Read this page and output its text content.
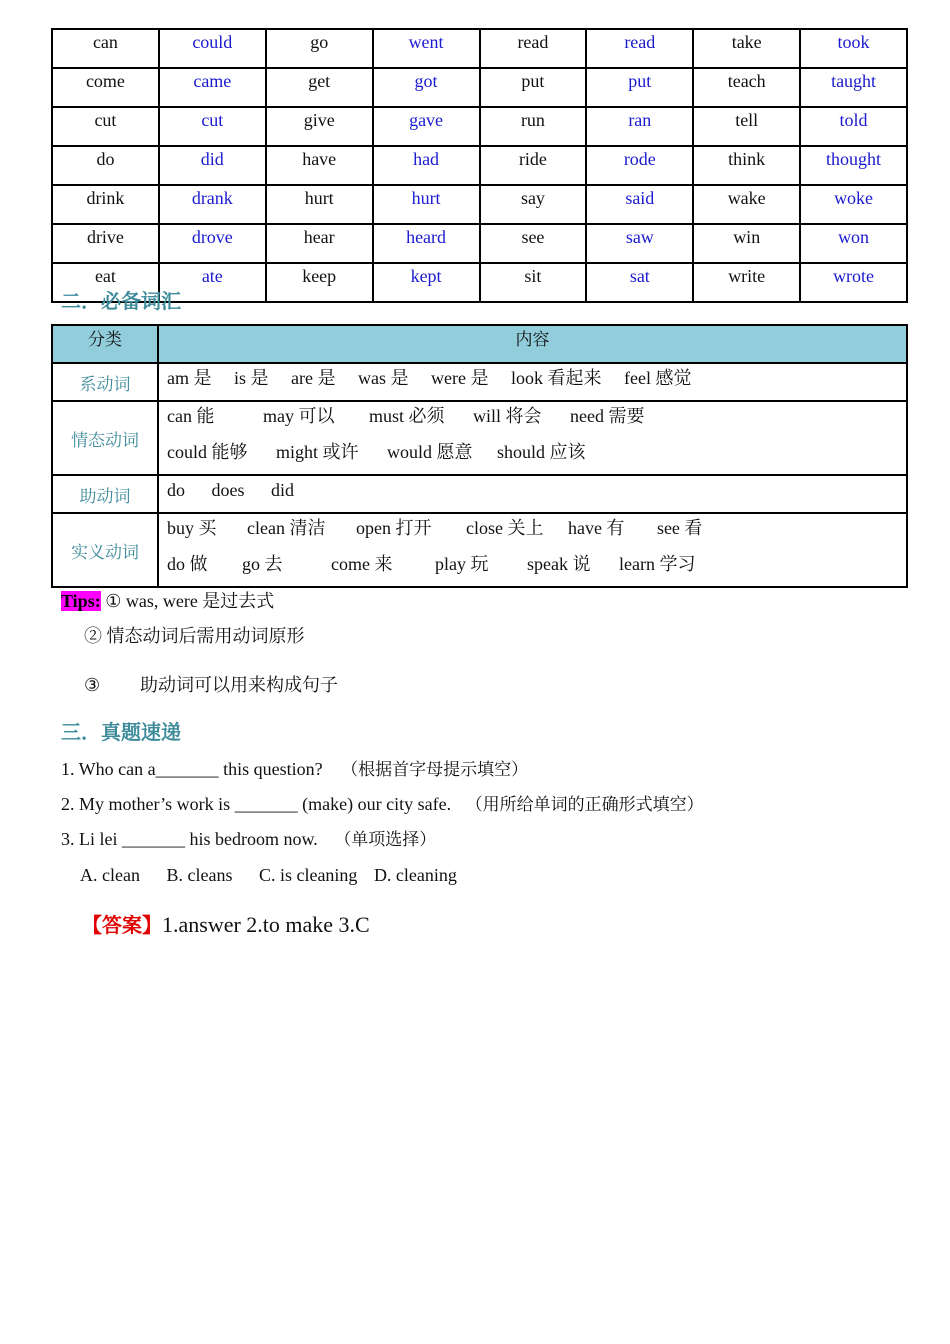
can	could	go	went	read	read	take	took
come	came	get	got	put	put	teach	taught
cut	cut	give	gave	run	ran	tell	told
do	did	have	had	ride	rode	think	thought
drink	drank	hurt	hurt	say	said	wake	woke
drive	drove	hear	heard	see	saw	win	won
eat	ate	keep	kept	sit	sat	write	wrote
二．必备词汇
分类	内容
系动词	am 是 is 是 are 是 was 是 were 是 look 看起来 feel 感觉

情态动词	can 能 may 可以 must 必须 will 将会 need 需要
could 能够 might 或许 would 愿意 should 应该

助动词	do does did

实义动词	buy 买 clean 清洁 open 打开 close 关上 have 有 see 看
do 做 go 去 come 来 play 玩 speak 说 learn 学习
Tips: ① was, were 是过去式
② 情态动词后需用动词原形
③ 助动词可以用来构成句子
三．真题速递
1. Who can a_______ this question? （根据首字母提示填空）
2. My mother’s work is _______ (make) our city safe. （用所给单词的正确形式填空）
3. Li lei _______ his bedroom now. （单项选择）
A. clean B. cleans C. is cleaning D. cleaning
【答案】1.answer 2.to make 3.C
